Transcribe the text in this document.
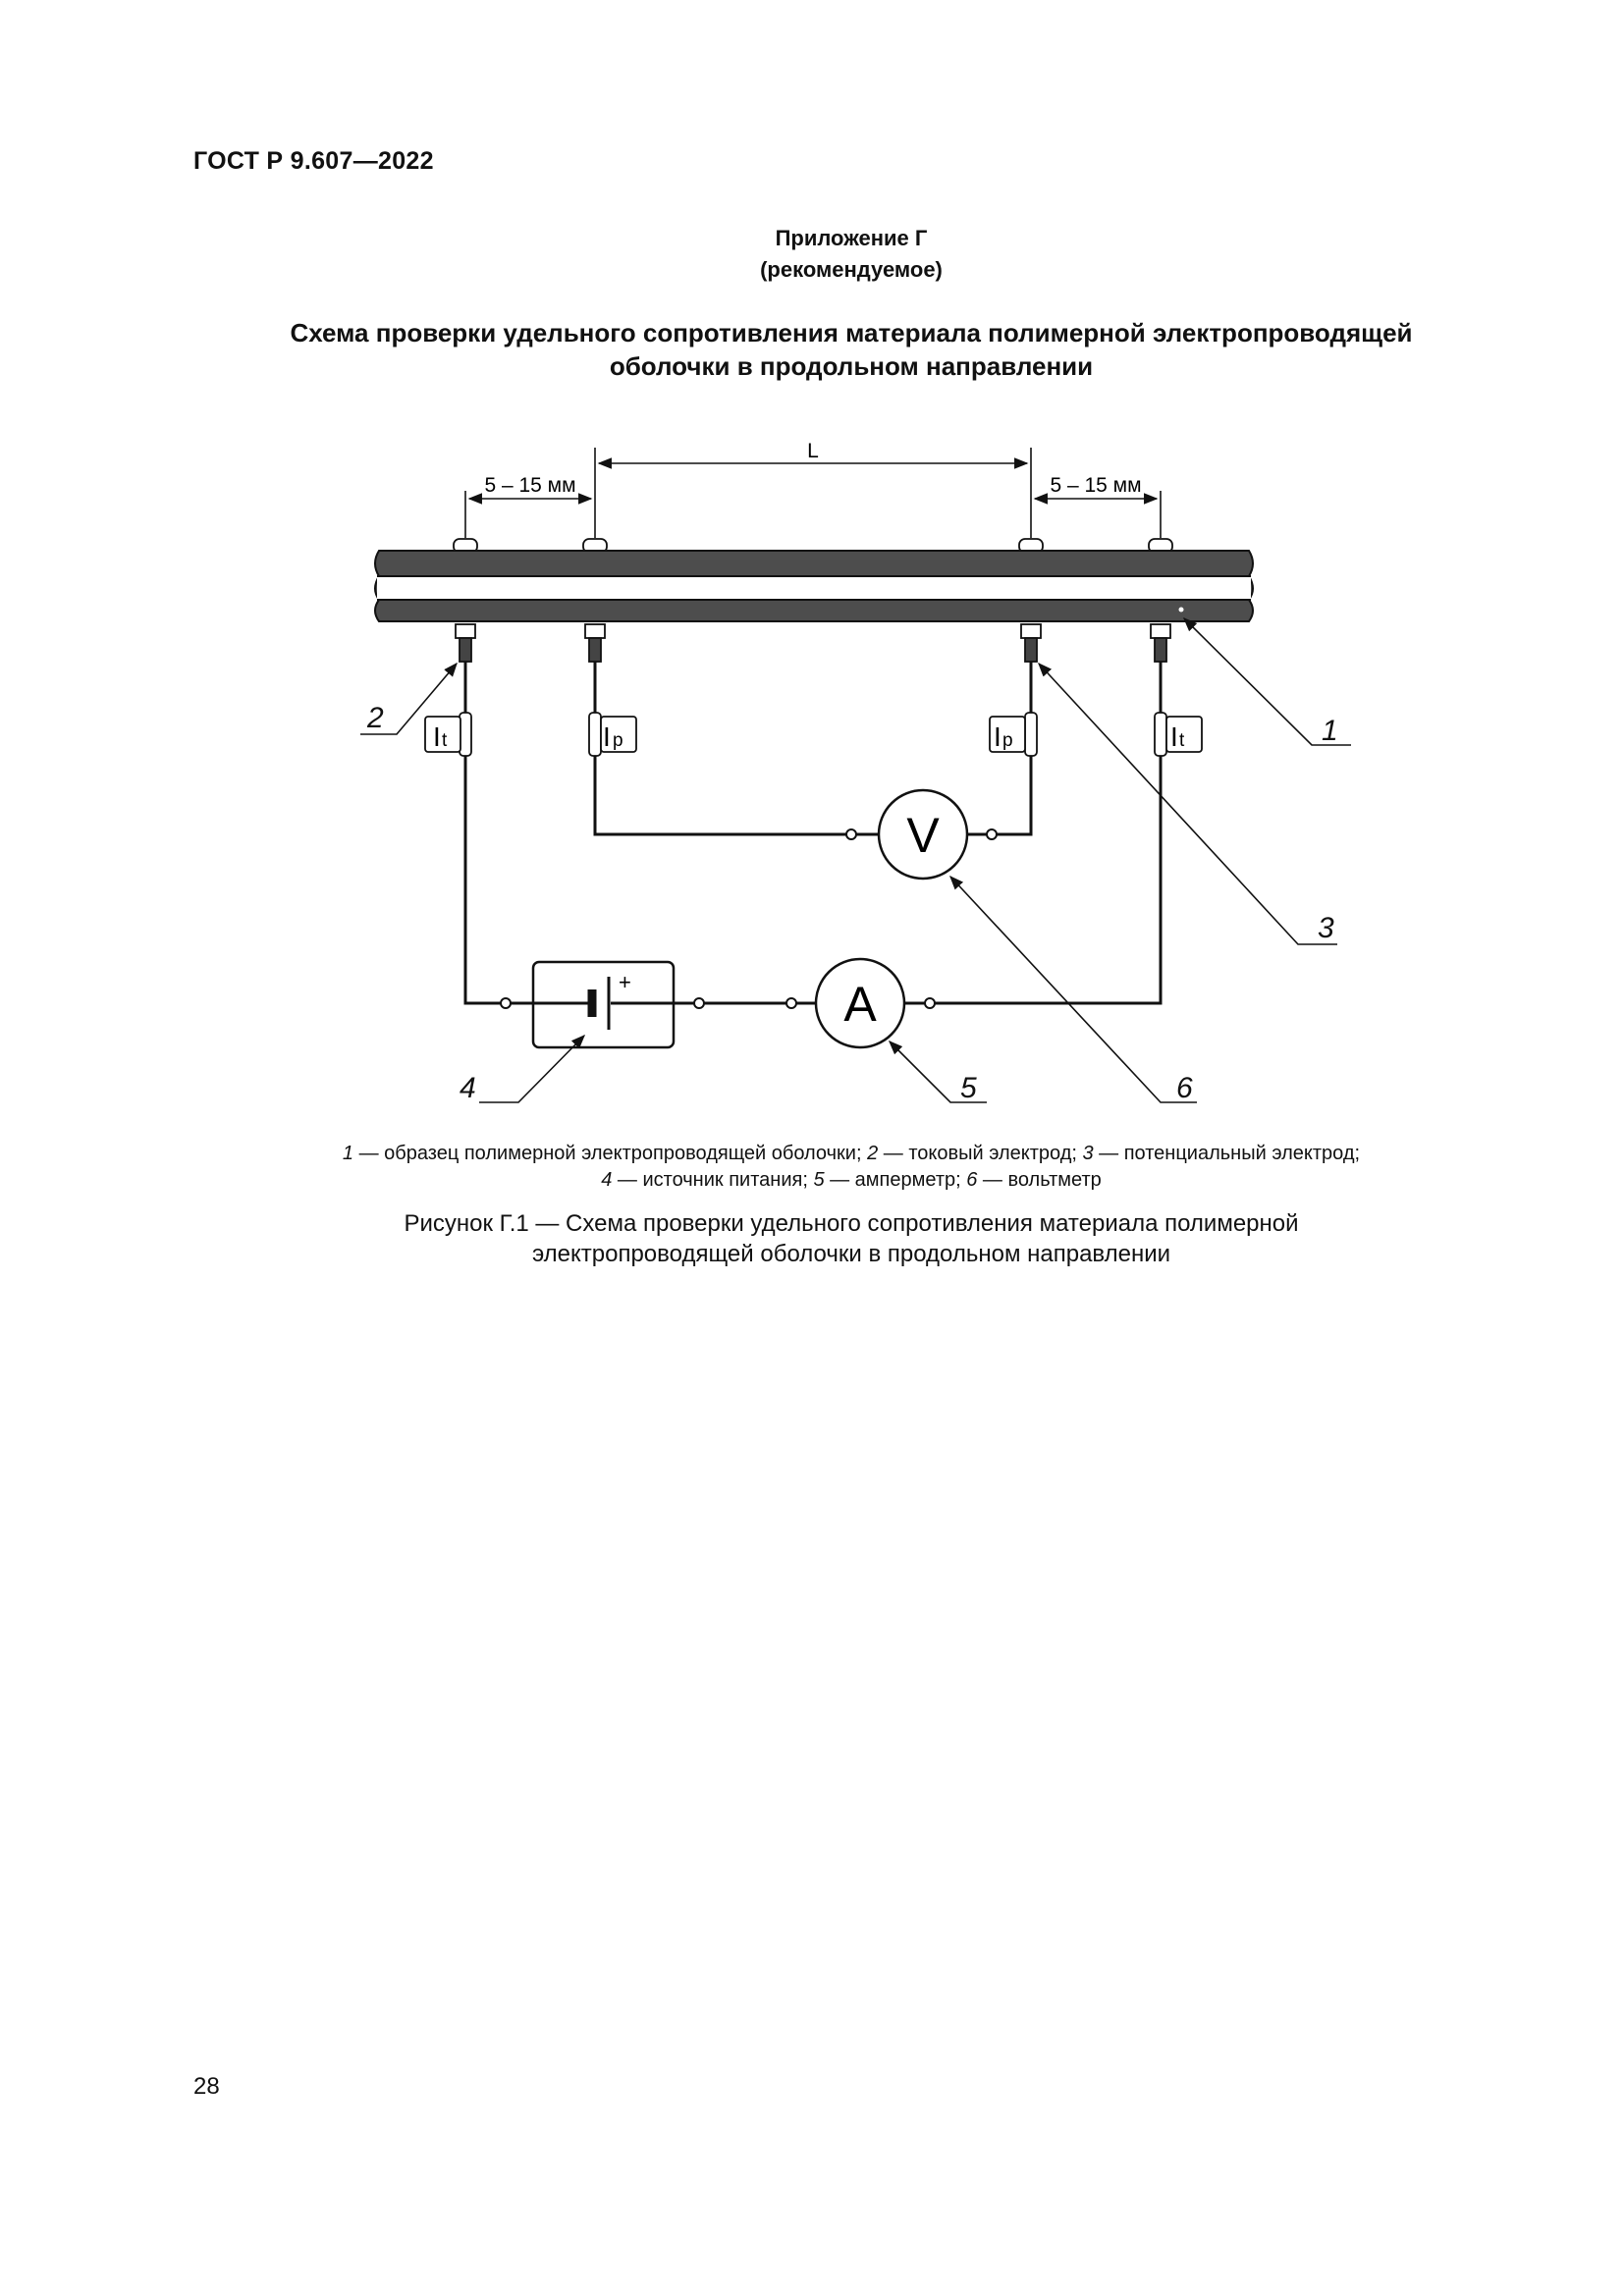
ГОСТ Р 9.607—2022
Приложение Г
(рекомендуемое)
Схема проверки удельного сопротивления материала полимерной электропроводящей
оболочки в продольном направлении
5 – 15 мм
L
5 – 15 мм
I t	I p	I p	I t
V
A
+
1
2
3
4	5	6
1 — образец полимерной электропроводящей оболочки; 2 — токовый электрод; 3 — потенциальный электрод;
4 — источник питания; 5 — амперметр; 6 — вольтметр
Рисунок Г.1 — Схема проверки удельного сопротивления материала полимерной
электропроводящей оболочки в продольном направлении
28
